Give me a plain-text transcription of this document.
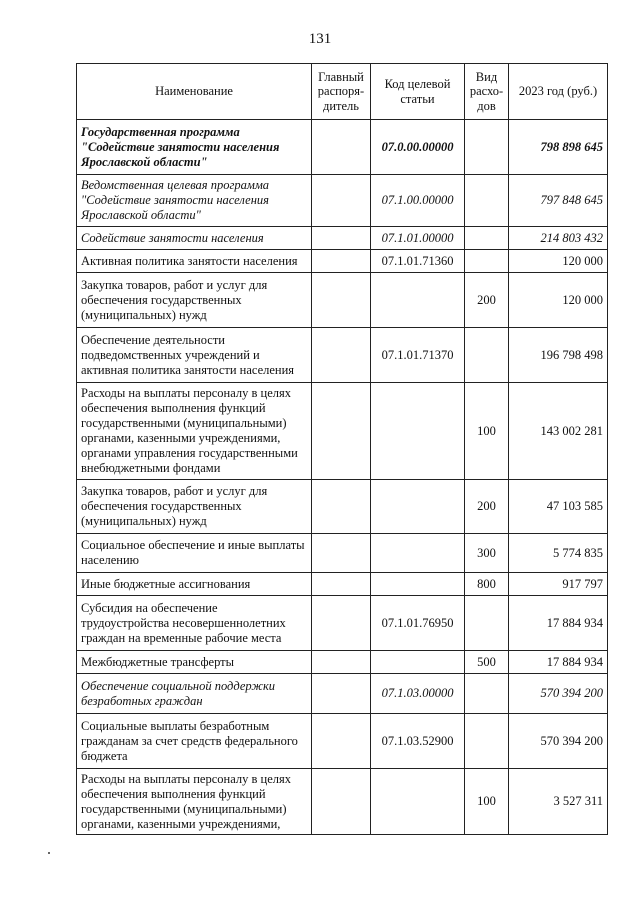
131
Наименование	Главный распоря-дитель	Код целевой статьи	Вид расхо-дов	2023 год (руб.)
Государственная программа "Содействие занятости населения Ярославской области"		07.0.00.00000		798 898 645
Ведомственная целевая программа "Содействие занятости населения Ярославской области"		07.1.00.00000		797 848 645
Содействие занятости населения		07.1.01.00000		214 803 432
Активная политика занятости населения		07.1.01.71360		120 000
Закупка товаров, работ и услуг для обеспечения государственных (муниципальных) нужд			200	120 000
Обеспечение деятельности подведомственных учреждений и активная политика занятости населения		07.1.01.71370		196 798 498
Расходы на выплаты персоналу в целях обеспечения выполнения функций государственными (муниципальными) органами, казенными учреждениями, органами управления государственными внебюджетными фондами			100	143 002 281
Закупка товаров, работ и услуг для обеспечения государственных (муниципальных) нужд			200	47 103 585
Социальное обеспечение и иные выплаты населению			300	5 774 835
Иные бюджетные ассигнования			800	917 797
Субсидия на обеспечение трудоустройства несовершеннолетних граждан на временные рабочие места		07.1.01.76950		17 884 934
Межбюджетные трансферты			500	17 884 934
Обеспечение социальной поддержки безработных граждан		07.1.03.00000		570 394 200
Социальные выплаты безработным гражданам за счет средств федерального бюджета		07.1.03.52900		570 394 200
Расходы на выплаты персоналу в целях обеспечения выполнения функций государственными (муниципальными) органами, казенными учреждениями,			100	3 527 311
